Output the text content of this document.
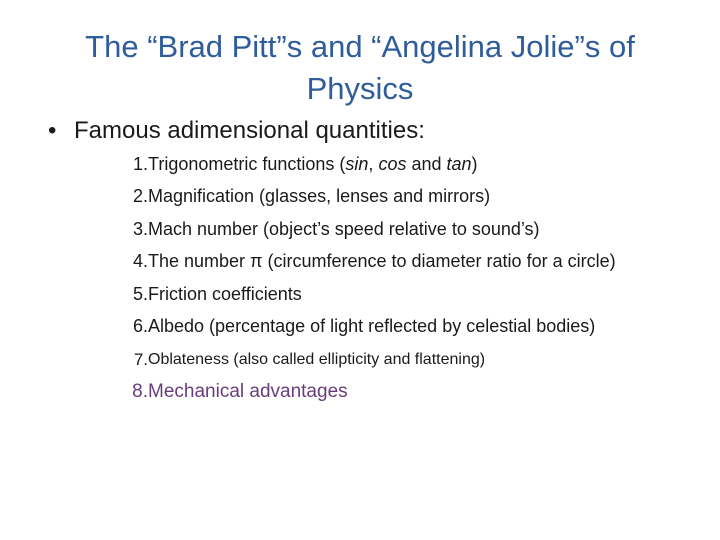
The “Brad Pitt”s and “Angelina Jolie”s of Physics
• Famous adimensional quantities:
1. Trigonometric functions (sin, cos and tan)
2. Magnification (glasses, lenses and mirrors)
3. Mach number (object’s speed relative to sound’s)
4. The number π (circumference to diameter ratio for a circle)
5. Friction coefficients
6. Albedo (percentage of light reflected by celestial bodies)
7. Oblateness (also called ellipticity and flattening)
8. Mechanical advantages
